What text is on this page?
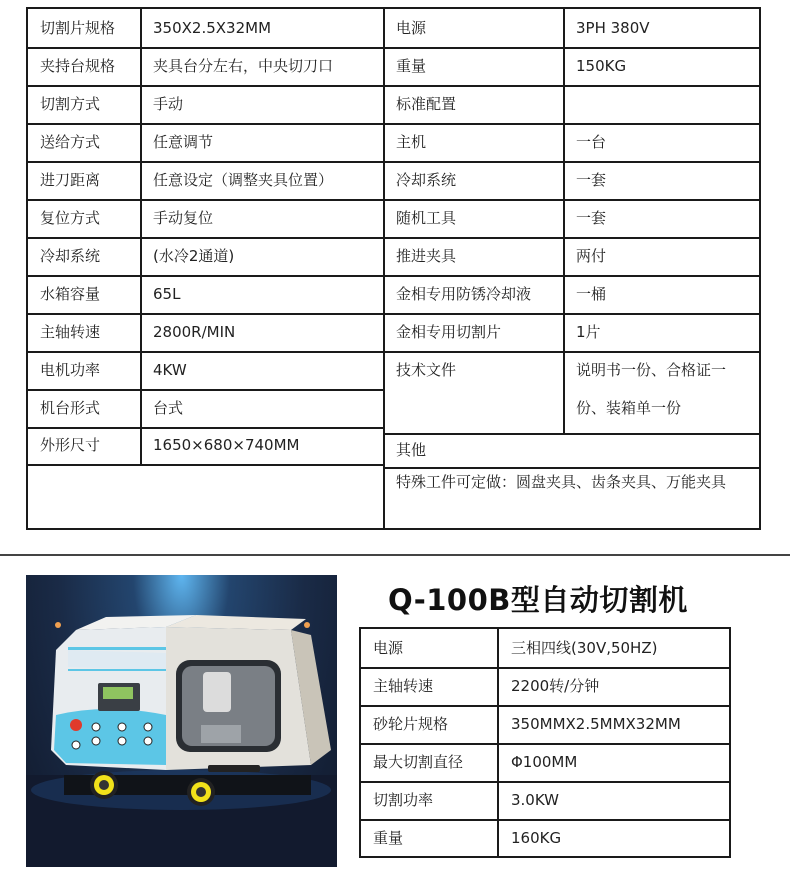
切割片规格	350X2.5X32MM
夹持台规格	夹具台分左右，中央切刀口
切割方式	手动
送给方式	任意调节
进刀距离	任意设定（调整夹具位置）
复位方式	手动复位
冷却系统	(水冷2通道)
水箱容量	65L
主轴转速	2800R/MIN
电机功率	4KW
机台形式	台式
外形尺寸	1650×680×740MM
电源	3PH 380V
重量	150KG
标准配置
主机	一台
冷却系统	一套
随机工具	一套
推进夹具	两付
金相专用防锈冷却液	一桶
金相专用切割片	1片
技术文件	说明书一份、合格证一份、装箱单一份
其他
特殊工件可定做：圆盘夹具、齿条夹具、万能夹具
Q-100B型自动切割机
电源	三相四线(30V,50HZ)
主轴转速	2200转/分钟
砂轮片规格	350MMX2.5MMX32MM
最大切割直径	Φ100MM
切割功率	3.0KW
重量	160KG
